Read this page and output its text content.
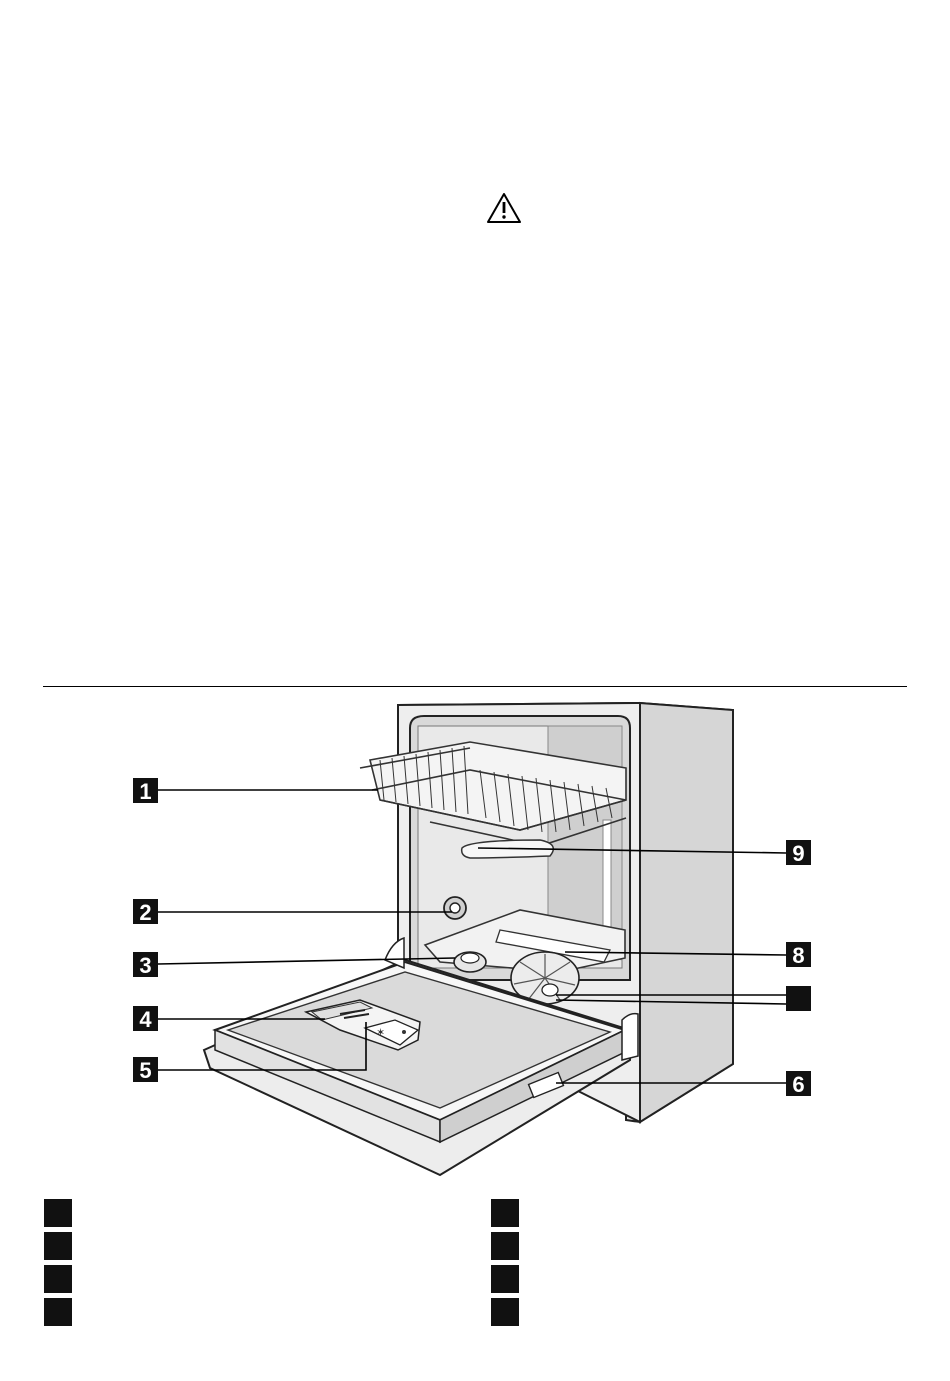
✶
1
2
3
4
5
6
8
9
